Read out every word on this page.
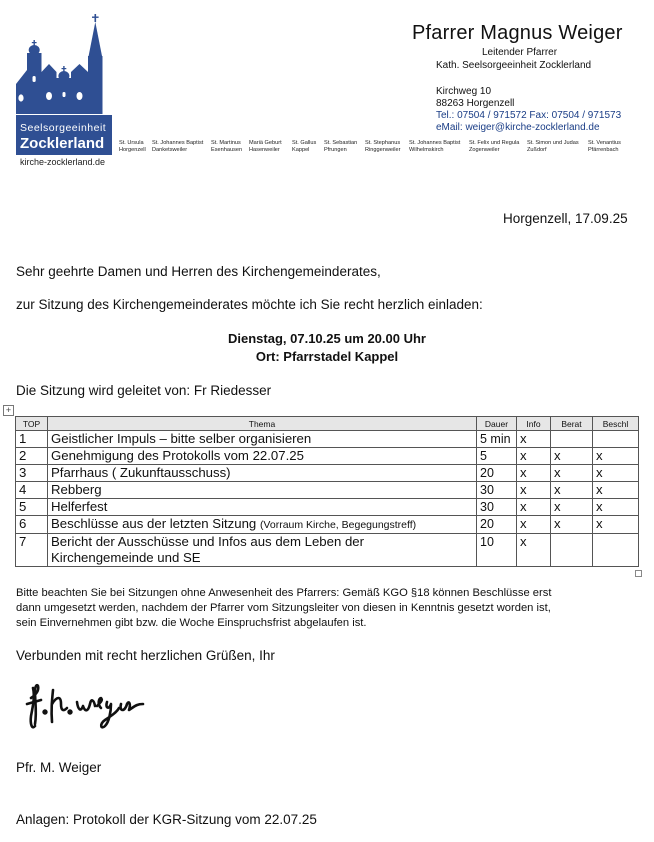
Seelsorgeeinheit
Zocklerland
kirche-zocklerland.de
Pfarrer Magnus Weiger
Leitender Pfarrer
Kath. Seelsorgeeinheit Zocklerland
Kirchweg 10
88263 Horgenzell
Tel.: 07504 / 971572 Fax: 07504 / 971573
eMail: weiger@kirche-zocklerland.de
St. Ursula
Horgenzell
St. Johannes Baptist
Danketsweiler
St. Martinus
Esenhausen
Mariä Geburt
Hasenweiler
St. Gallus
Kappel
St. Sebastian
Pfrungen
St. Stephanus
Ringgenweiler
St. Johannes Baptist
Wilhelmskirch
St. Felix und Regula
Zogenweiler
St. Simon und Judas
Zußdorf
St. Venantius
Pfärrenbach
Horgenzell, 17.09.25
Sehr geehrte Damen und Herren des Kirchengemeinderates,
zur Sitzung des Kirchengemeinderates möchte ich Sie recht herzlich einladen:
Dienstag, 07.10.25 um 20.00 Uhr
Ort: Pfarrstadel Kappel
Die Sitzung wird geleitet von: Fr Riedesser
+
TOP	Thema	Dauer	Info	Berat	Beschl
1	Geistlicher Impuls – bitte selber organisieren	5 min	x		
2	Genehmigung des Protokolls vom 22.07.25	5	x	x	x
3	Pfarrhaus ( Zukunftausschuss)	20	x	x	x
4	Rebberg	30	x	x	x
5	Helferfest	30	x	x	x
6	Beschlüsse aus der letzten Sitzung (Vorraum Kirche, Begegungstreff)	20	x	x	x
7	Bericht der Ausschüsse und Infos aus dem Leben der
Kirchengemeinde und SE	10	x		
Bitte beachten Sie bei Sitzungen ohne Anwesenheit des Pfarrers: Gemäß KGO §18 können Beschlüsse erst
dann umgesetzt werden, nachdem der Pfarrer vom Sitzungsleiter von diesen in Kenntnis gesetzt worden ist,
sein Einvernehmen gibt bzw. die Woche Einspruchsfrist abgelaufen ist.
Verbunden mit recht herzlichen Grüßen, Ihr
Pfr. M. Weiger
Anlagen: Protokoll der KGR-Sitzung vom 22.07.25
